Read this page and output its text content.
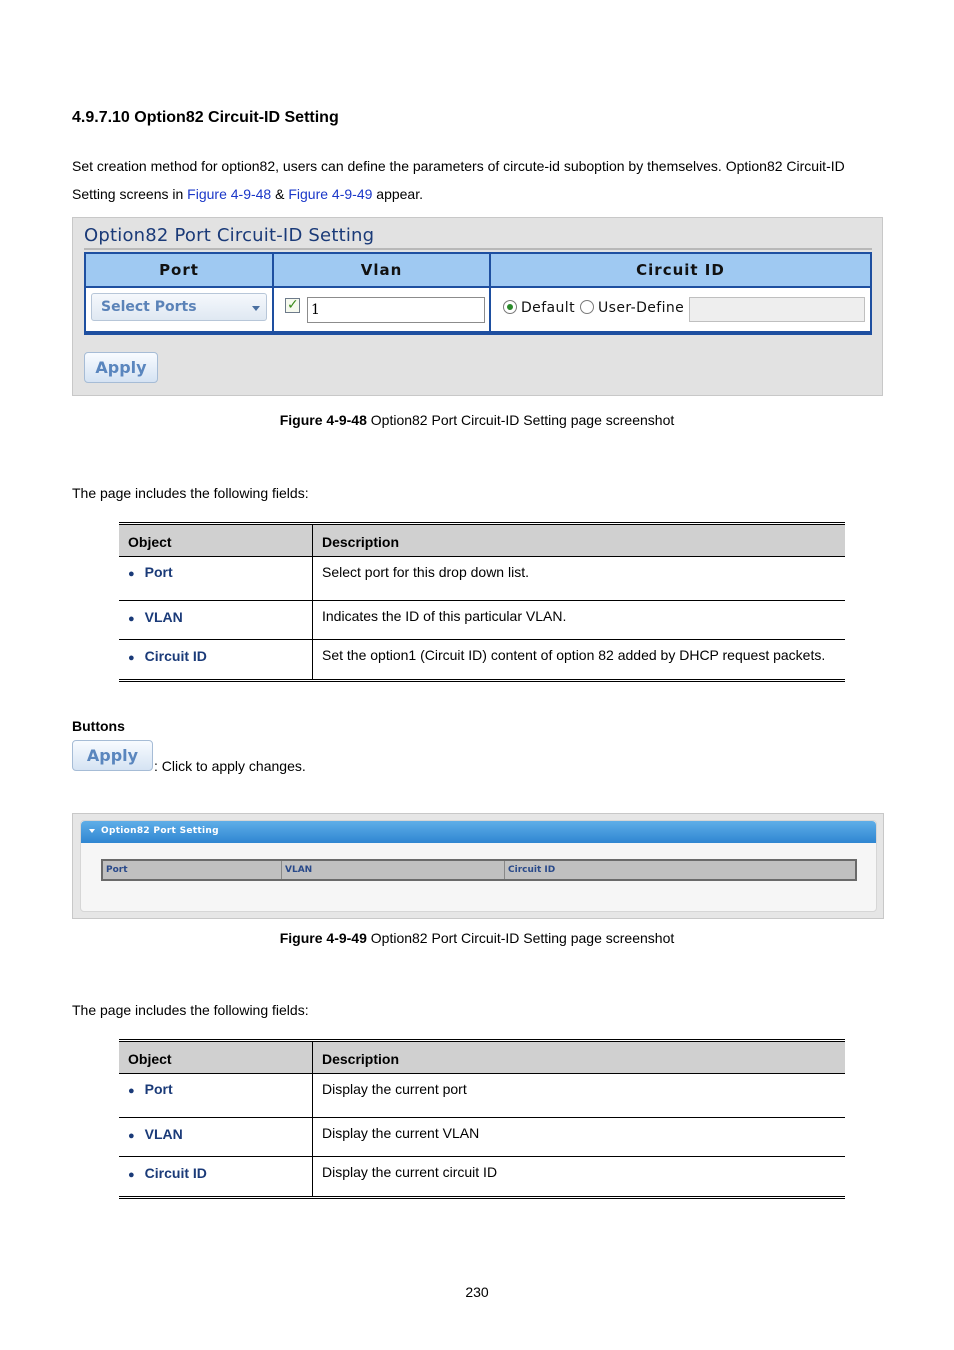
4.9.7.10 Option82 Circuit-ID Setting
Set creation method for option82, users can define the parameters of circute-id suboption by themselves. Option82 Circuit-ID Setting screens in Figure 4-9-48 & Figure 4-9-49 appear.
Option82 Port Circuit-ID Setting
Port	Vlan	Circuit ID
Select Ports	✓ 1	Default User-Define
Apply
Figure 4-9-48 Option82 Port Circuit-ID Setting page screenshot
The page includes the following fields:
Object	Description
● Port	Select port for this drop down list.
● VLAN	Indicates the ID of this particular VLAN.
● Circuit ID	Set the option1 (Circuit ID) content of option 82 added by DHCP request packets.
Buttons
Apply
: Click to apply changes.
Option82 Port Setting
Port	VLAN	Circuit ID
Figure 4-9-49 Option82 Port Circuit-ID Setting page screenshot
The page includes the following fields:
Object	Description
● Port	Display the current port
● VLAN	Display the current VLAN
● Circuit ID	Display the current circuit ID
230
